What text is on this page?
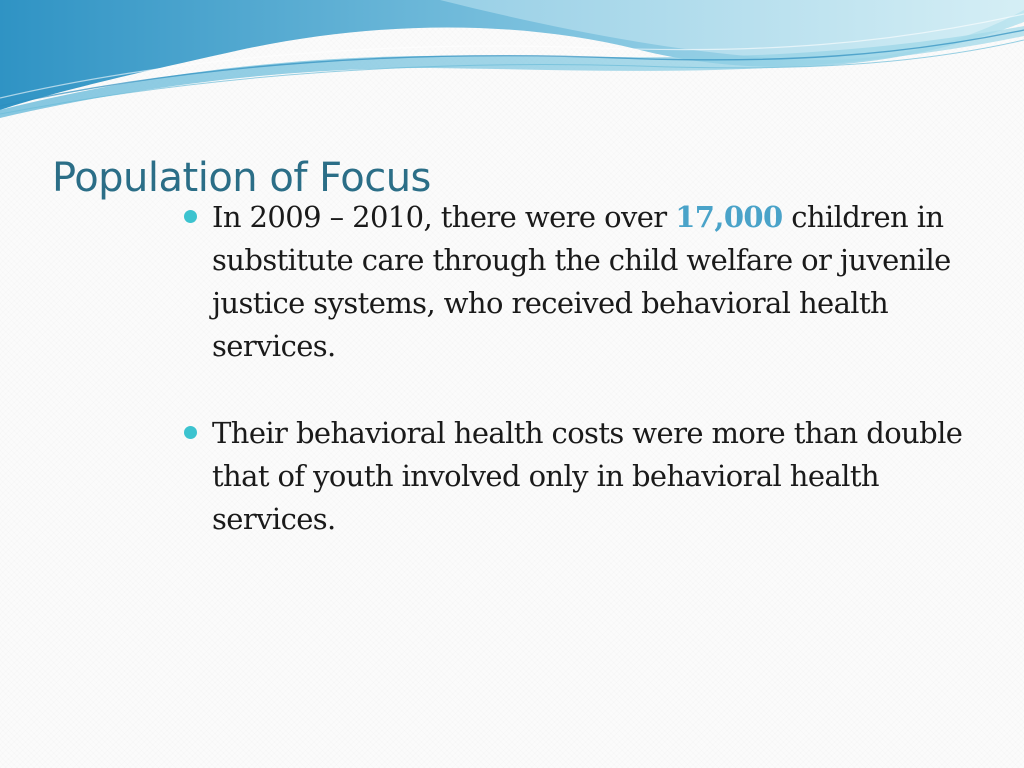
Population of Focus
In 2009 – 2010, there were over 17,000 children in substitute care through the child welfare or juvenile justice systems, who received behavioral health services.
Their behavioral health costs were more than double that of youth involved only in behavioral health services.
